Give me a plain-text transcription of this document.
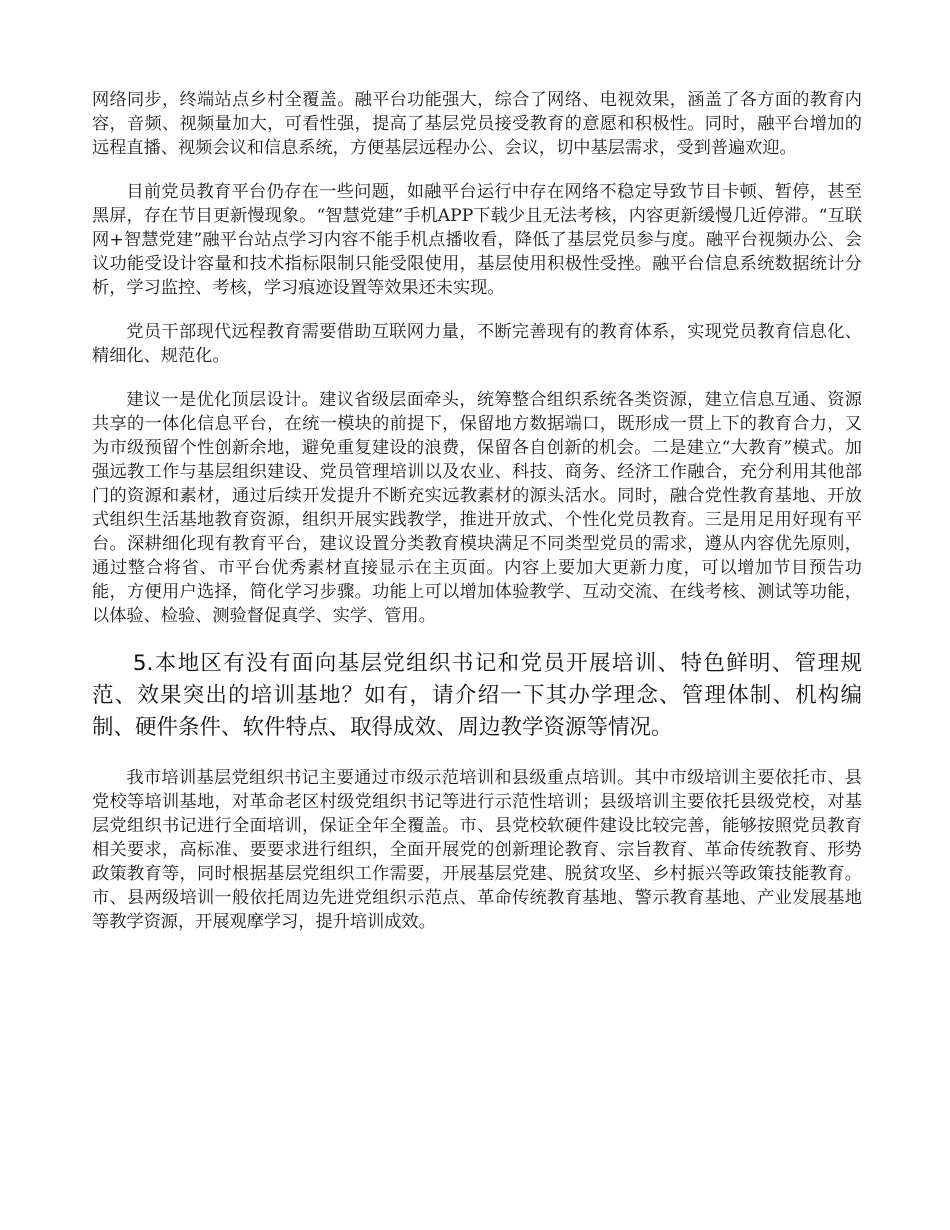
网络同步，终端站点乡村全覆盖。融平台功能强大，综合了网络、电视效果，涵盖了各方面的教育内容，音频、视频量加大，可看性强，提高了基层党员接受教育的意愿和积极性。同时，融平台增加的远程直播、视频会议和信息系统，方便基层远程办公、会议，切中基层需求，受到普遍欢迎。

目前党员教育平台仍存在一些问题，如融平台运行中存在网络不稳定导致节目卡顿、暂停，甚至黑屏，存在节目更新慢现象。“智慧党建”手机APP下载少且无法考核，内容更新缓慢几近停滞。“互联网+智慧党建”融平台站点学习内容不能手机点播收看，降低了基层党员参与度。融平台视频办公、会议功能受设计容量和技术指标限制只能受限使用，基层使用积极性受挫。融平台信息系统数据统计分析，学习监控、考核，学习痕迹设置等效果还未实现。

党员干部现代远程教育需要借助互联网力量，不断完善现有的教育体系，实现党员教育信息化、精细化、规范化。

建议一是优化顶层设计。建议省级层面牵头，统筹整合组织系统各类资源，建立信息互通、资源共享的一体化信息平台，在统一模块的前提下，保留地方数据端口，既形成一贯上下的教育合力，又为市级预留个性创新余地，避免重复建设的浪费，保留各自创新的机会。二是建立“大教育”模式。加强远教工作与基层组织建设、党员管理培训以及农业、科技、商务、经济工作融合，充分利用其他部门的资源和素材，通过后续开发提升不断充实远教素材的源头活水。同时，融合党性教育基地、开放式组织生活基地教育资源，组织开展实践教学，推进开放式、个性化党员教育。三是用足用好现有平台。深耕细化现有教育平台，建议设置分类教育模块满足不同类型党员的需求，遵从内容优先原则，通过整合将省、市平台优秀素材直接显示在主页面。内容上要加大更新力度，可以增加节目预告功能，方便用户选择，简化学习步骤。功能上可以增加体验教学、互动交流、在线考核、测试等功能，以体验、检验、测验督促真学、实学、管用。

5.本地区有没有面向基层党组织书记和党员开展培训、特色鲜明、管理规范、效果突出的培训基地？如有，请介绍一下其办学理念、管理体制、机构编制、硬件条件、软件特点、取得成效、周边教学资源等情况。

我市培训基层党组织书记主要通过市级示范培训和县级重点培训。其中市级培训主要依托市、县党校等培训基地，对革命老区村级党组织书记等进行示范性培训；县级培训主要依托县级党校，对基层党组织书记进行全面培训，保证全年全覆盖。市、县党校软硬件建设比较完善，能够按照党员教育相关要求，高标准、要要求进行组织，全面开展党的创新理论教育、宗旨教育、革命传统教育、形势政策教育等，同时根据基层党组织工作需要，开展基层党建、脱贫攻坚、乡村振兴等政策技能教育。市、县两级培训一般依托周边先进党组织示范点、革命传统教育基地、警示教育基地、产业发展基地等教学资源，开展观摩学习，提升培训成效。
